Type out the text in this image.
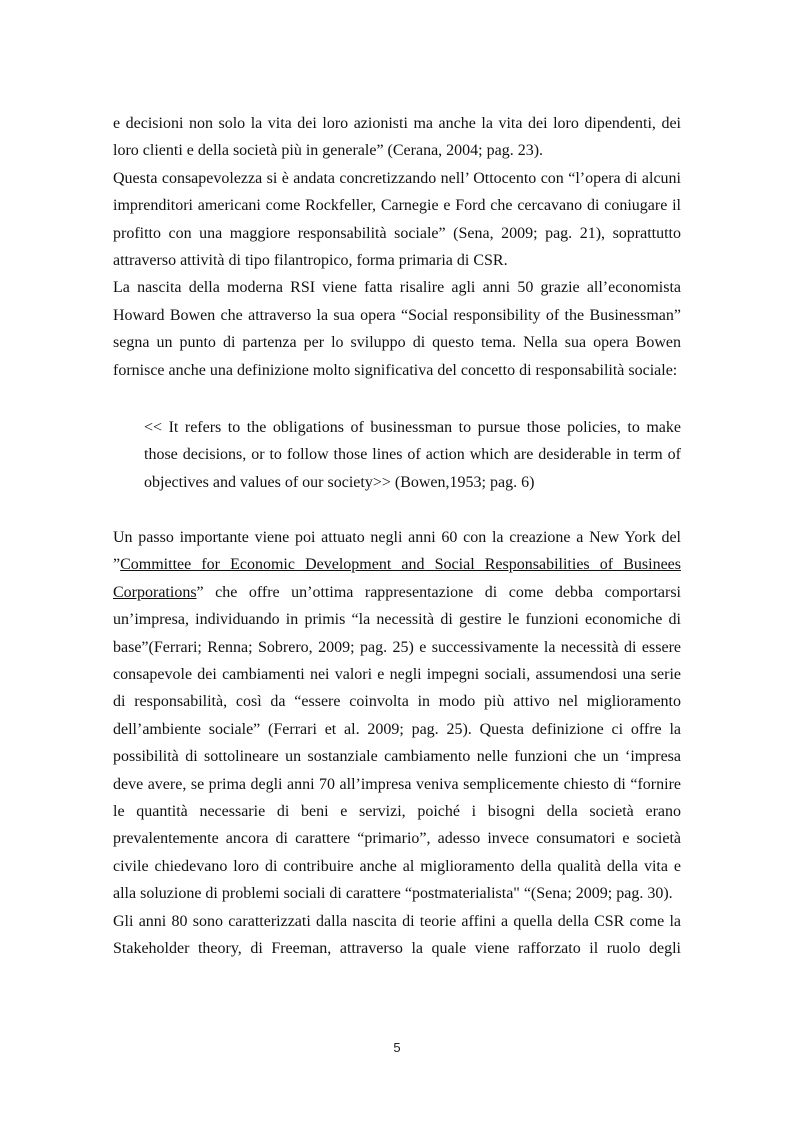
e decisioni non solo la vita dei loro azionisti ma anche la vita dei loro dipendenti, dei loro clienti e della società più in generale” (Cerana, 2004; pag. 23).

Questa consapevolezza si è andata concretizzando nell’ Ottocento con “l’opera di alcuni imprenditori americani come Rockfeller, Carnegie e Ford che cercavano di coniugare il profitto con una maggiore responsabilità sociale” (Sena, 2009; pag. 21), soprattutto attraverso attività di tipo filantropico, forma primaria di CSR.

La nascita della moderna RSI viene fatta risalire agli anni 50 grazie all’economista Howard Bowen che attraverso la sua opera “Social responsibility of the Businessman” segna un punto di partenza per lo sviluppo di questo tema. Nella sua opera Bowen fornisce anche una definizione molto significativa del concetto di responsabilità sociale:

<< It refers to the obligations of businessman to pursue those policies, to make those decisions, or to follow those lines of action which are desiderable in term of objectives and values of our society>> (Bowen,1953; pag. 6)

Un passo importante viene poi attuato negli anni 60 con la creazione a New York del ”Committee for Economic Development and Social Responsabilities of Businees Corporations” che offre un’ottima rappresentazione di come debba comportarsi un’impresa, individuando in primis “la necessità di gestire le funzioni economiche di base”(Ferrari; Renna; Sobrero, 2009; pag. 25) e successivamente la necessità di essere consapevole dei cambiamenti nei valori e negli impegni sociali, assumendosi una serie di responsabilità, così da “essere coinvolta in modo più attivo nel miglioramento dell’ambiente sociale” (Ferrari et al. 2009; pag. 25). Questa definizione ci offre la possibilità di sottolineare un sostanziale cambiamento nelle funzioni che un ‘impresa deve avere, se prima degli anni 70 all’impresa veniva semplicemente chiesto di “fornire le quantità necessarie di beni e servizi, poiché i bisogni della società erano prevalentemente ancora di carattere “primario”, adesso invece consumatori e società civile chiedevano loro di contribuire anche al miglioramento della qualità della vita e alla soluzione di problemi sociali di carattere “postmaterialista" “(Sena; 2009; pag. 30).

Gli anni 80 sono caratterizzati dalla nascita di teorie affini a quella della CSR come la Stakeholder theory, di Freeman, attraverso la quale viene rafforzato il ruolo degli

5
